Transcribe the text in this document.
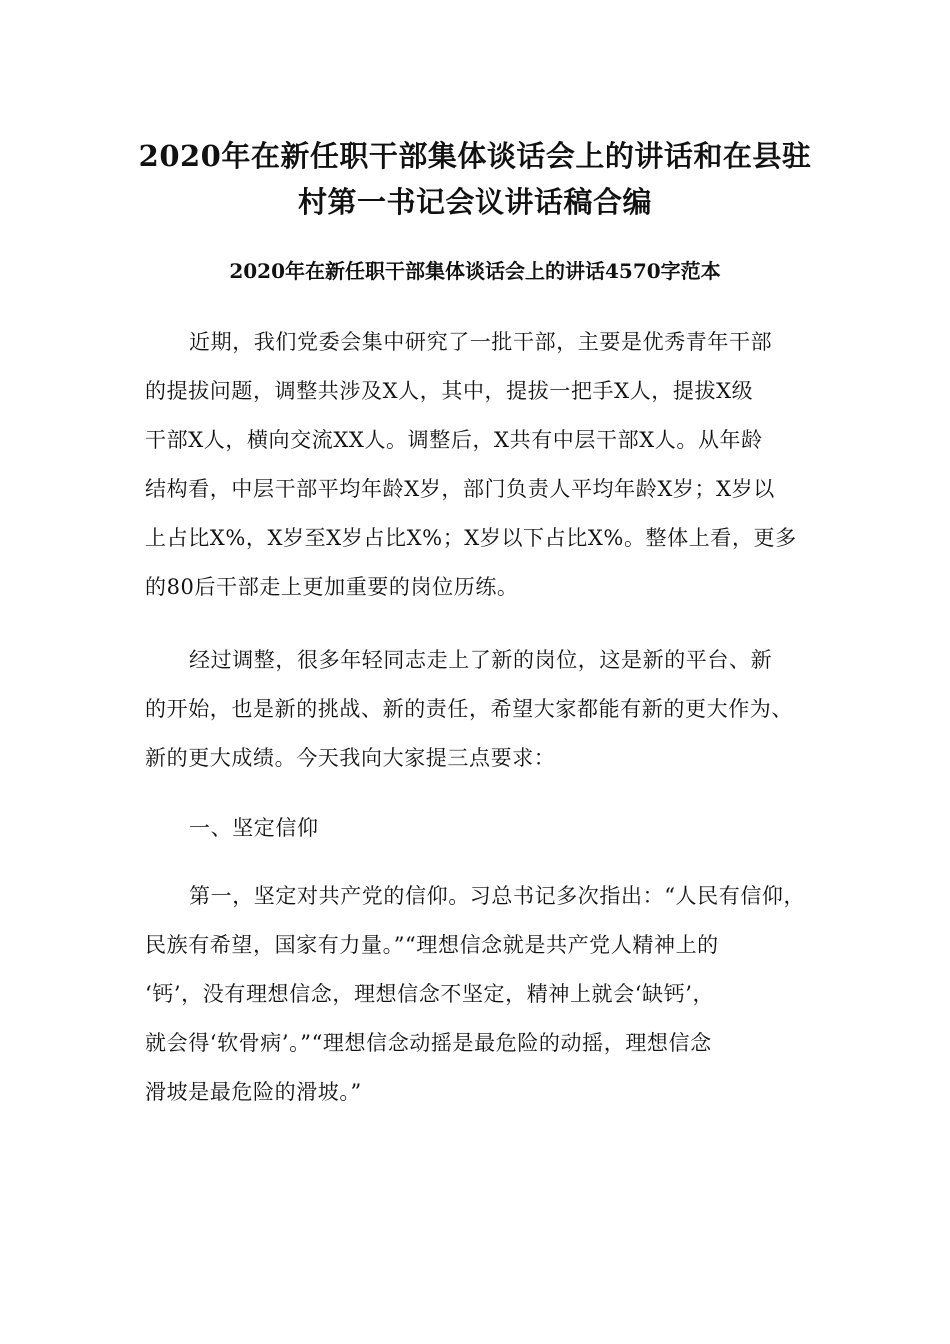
2020年在新任职干部集体谈话会上的讲话和在县驻
村第一书记会议讲话稿合编
2020年在新任职干部集体谈话会上的讲话4570字范本
近期，我们党委会集中研究了一批干部，主要是优秀青年干部
的提拔问题，调整共涉及X人，其中，提拔一把手X人，提拔X级
干部X人，横向交流XX人。调整后，X共有中层干部X人。从年龄
结构看，中层干部平均年龄X岁，部门负责人平均年龄X岁；X岁以
上占比X%，X岁至X岁占比X%；X岁以下占比X%。整体上看，更多
的80后干部走上更加重要的岗位历练。
经过调整，很多年轻同志走上了新的岗位，这是新的平台、新
的开始，也是新的挑战、新的责任，希望大家都能有新的更大作为、
新的更大成绩。今天我向大家提三点要求：
一、坚定信仰
第一，坚定对共产党的信仰。习总书记多次指出：“人民有信仰，
民族有希望，国家有力量。”“理想信念就是共产党人精神上的
‘钙’，没有理想信念，理想信念不坚定，精神上就会‘缺钙’，
就会得‘软骨病’。”“理想信念动摇是最危险的动摇，理想信念
滑坡是最危险的滑坡。”
